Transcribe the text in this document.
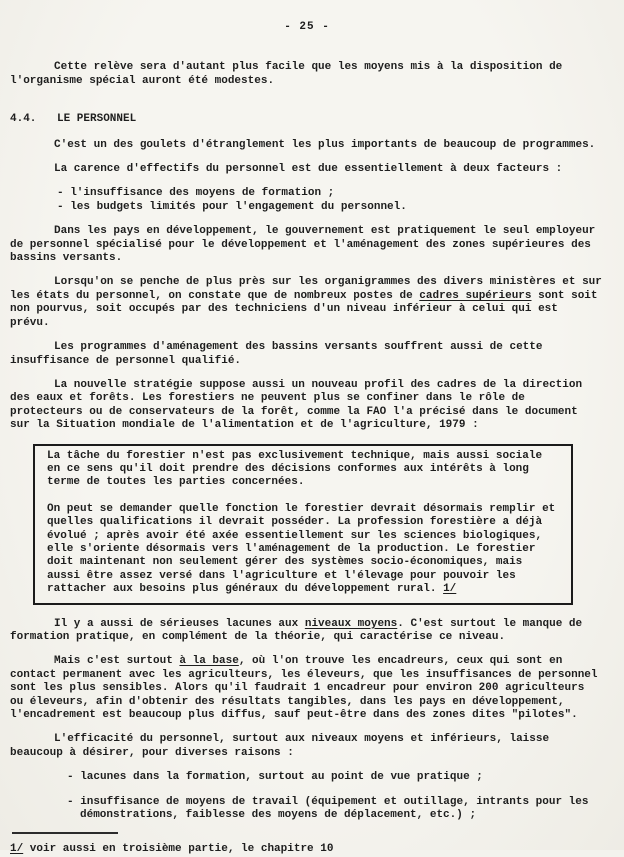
- 25 -

Cette relève sera d'autant plus facile que les moyens mis à la disposition de l'organisme spécial auront été modestes.

4.4. LE PERSONNEL

C'est un des goulets d'étranglement les plus importants de beaucoup de programmes.

La carence d'effectifs du personnel est due essentiellement à deux facteurs :

- l'insuffisance des moyens de formation ;
- les budgets limités pour l'engagement du personnel.

Dans les pays en développement, le gouvernement est pratiquement le seul employeur de personnel spécialisé pour le développement et l'aménagement des zones supérieures des bassins versants.

Lorsqu'on se penche de plus près sur les organigrammes des divers ministères et sur les états du personnel, on constate que de nombreux postes de cadres supérieurs sont soit non pourvus, soit occupés par des techniciens d'un niveau inférieur à celui qui est prévu.

Les programmes d'aménagement des bassins versants souffrent aussi de cette insuffisance de personnel qualifié.

La nouvelle stratégie suppose aussi un nouveau profil des cadres de la direction des eaux et forêts. Les forestiers ne peuvent plus se confiner dans le rôle de protecteurs ou de conservateurs de la forêt, comme la FAO l'a précisé dans le document sur la Situation mondiale de l'alimentation et de l'agriculture, 1979 :

La tâche du forestier n'est pas exclusivement technique, mais aussi sociale en ce sens qu'il doit prendre des décisions conformes aux intérêts à long terme de toutes les parties concernées.

On peut se demander quelle fonction le forestier devrait désormais remplir et quelles qualifications il devrait posséder. La profession forestière a déjà évolué ; après avoir été axée essentiellement sur les sciences biologiques, elle s'oriente désormais vers l'aménagement de la production. Le forestier doit maintenant non seulement gérer des systèmes socio-économiques, mais aussi être assez versé dans l'agriculture et l'élevage pour pouvoir les rattacher aux besoins plus généraux du développement rural. 1/

Il y a aussi de sérieuses lacunes aux niveaux moyens. C'est surtout le manque de formation pratique, en complément de la théorie, qui caractérise ce niveau.

Mais c'est surtout à la base, où l'on trouve les encadreurs, ceux qui sont en contact permanent avec les agriculteurs, les éleveurs, que les insuffisances de personnel sont les plus sensibles. Alors qu'il faudrait 1 encadreur pour environ 200 agriculteurs ou éleveurs, afin d'obtenir des résultats tangibles, dans les pays en développement, l'encadrement est beaucoup plus diffus, sauf peut-être dans des zones dites "pilotes".

L'efficacité du personnel, surtout aux niveaux moyens et inférieurs, laisse beaucoup à désirer, pour diverses raisons :

- lacunes dans la formation, surtout au point de vue pratique ;
- insuffisance de moyens de travail (équipement et outillage, intrants pour les démonstrations, faiblesse des moyens de déplacement, etc.) ;

1/ voir aussi en troisième partie, le chapitre 10
